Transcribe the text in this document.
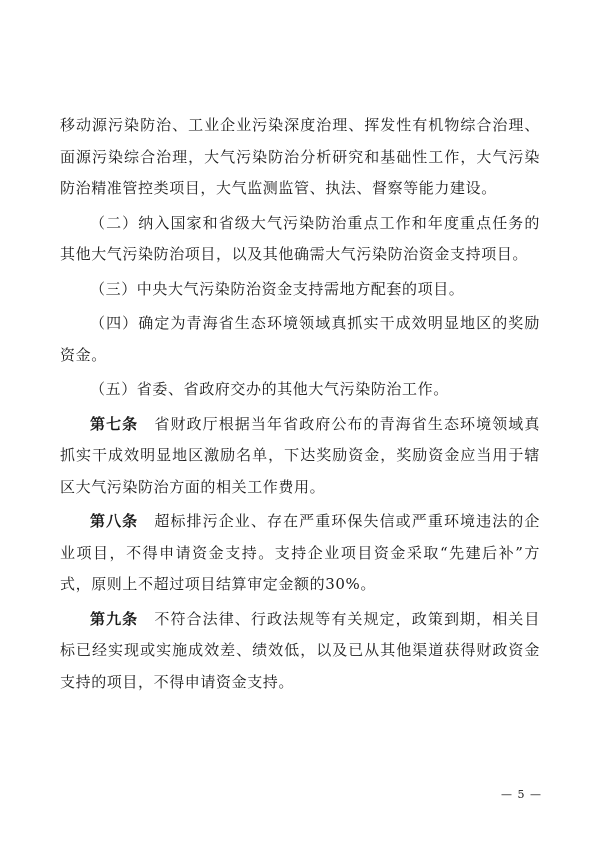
移动源污染防治、工业企业污染深度治理、挥发性有机物综合治理、面源污染综合治理，大气污染防治分析研究和基础性工作，大气污染防治精准管控类项目，大气监测监管、执法、督察等能力建设。

（二）纳入国家和省级大气污染防治重点工作和年度重点任务的其他大气污染防治项目，以及其他确需大气污染防治资金支持项目。

（三）中央大气污染防治资金支持需地方配套的项目。

（四）确定为青海省生态环境领域真抓实干成效明显地区的奖励资金。

（五）省委、省政府交办的其他大气污染防治工作。

第七条　 省财政厅根据当年省政府公布的青海省生态环境领域真抓实干成效明显地区激励名单，下达奖励资金，奖励资金应当用于辖区大气污染防治方面的相关工作费用。

第八条　 超标排污企业、存在严重环保失信或严重环境违法的企业项目，不得申请资金支持。支持企业项目资金采取“先建后补”方式，原则上不超过项目结算审定金额的30%。

第九条　 不符合法律、行政法规等有关规定，政策到期，相关目标已经实现或实施成效差、绩效低，以及已从其他渠道获得财政资金支持的项目，不得申请资金支持。

— 5 —
